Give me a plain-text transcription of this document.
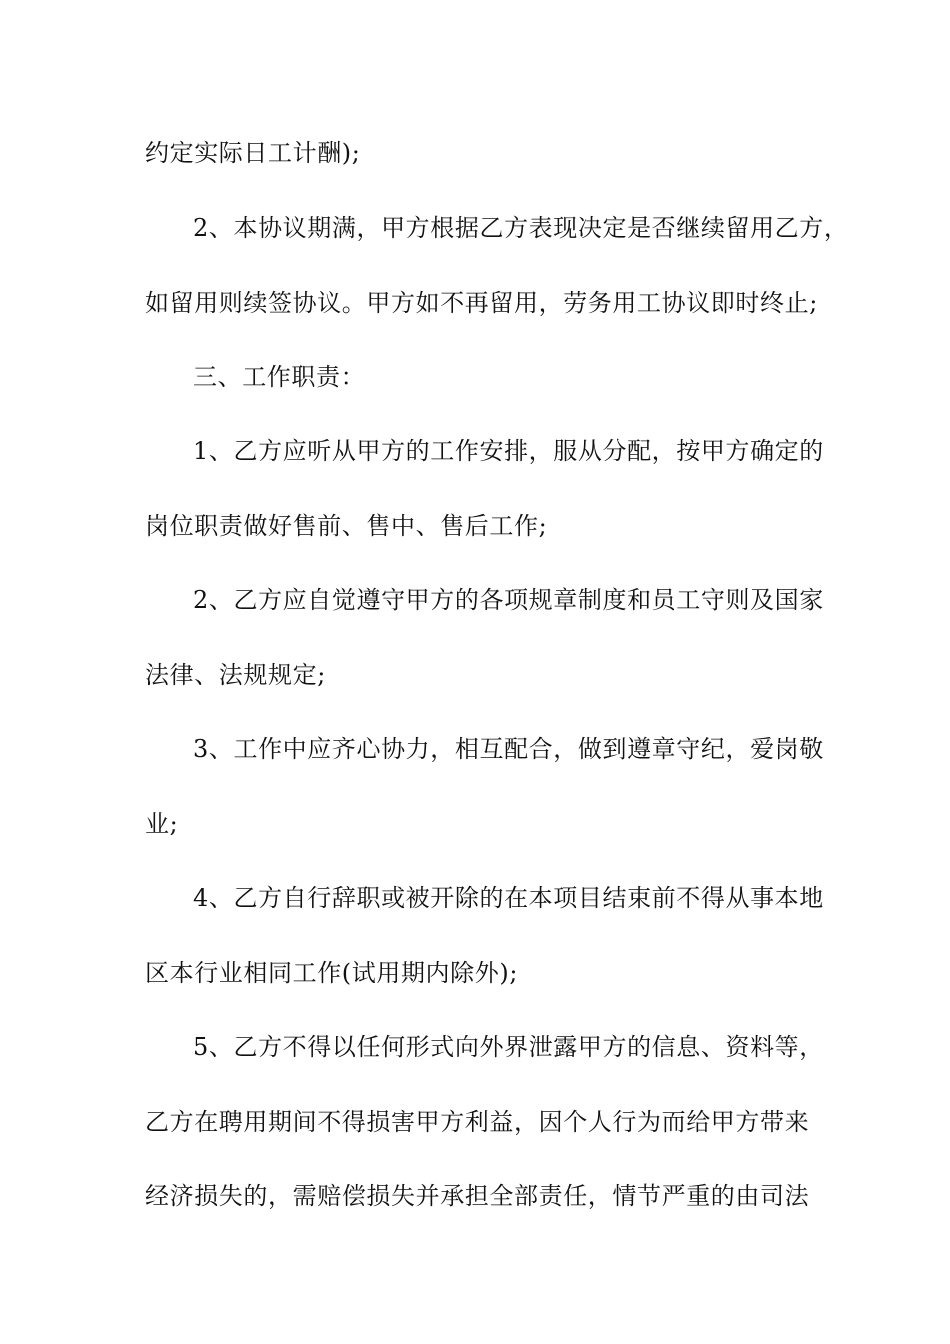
约定实际日工计酬);
2、本协议期满，甲方根据乙方表现决定是否继续留用乙方，
如留用则续签协议。甲方如不再留用，劳务用工协议即时终止;
三、工作职责：
1、乙方应听从甲方的工作安排，服从分配，按甲方确定的
岗位职责做好售前、售中、售后工作;
2、乙方应自觉遵守甲方的各项规章制度和员工守则及国家
法律、法规规定;
3、工作中应齐心协力，相互配合，做到遵章守纪，爱岗敬
业;
4、乙方自行辞职或被开除的在本项目结束前不得从事本地
区本行业相同工作(试用期内除外);
5、乙方不得以任何形式向外界泄露甲方的信息、资料等，
乙方在聘用期间不得损害甲方利益，因个人行为而给甲方带来
经济损失的，需赔偿损失并承担全部责任，情节严重的由司法
